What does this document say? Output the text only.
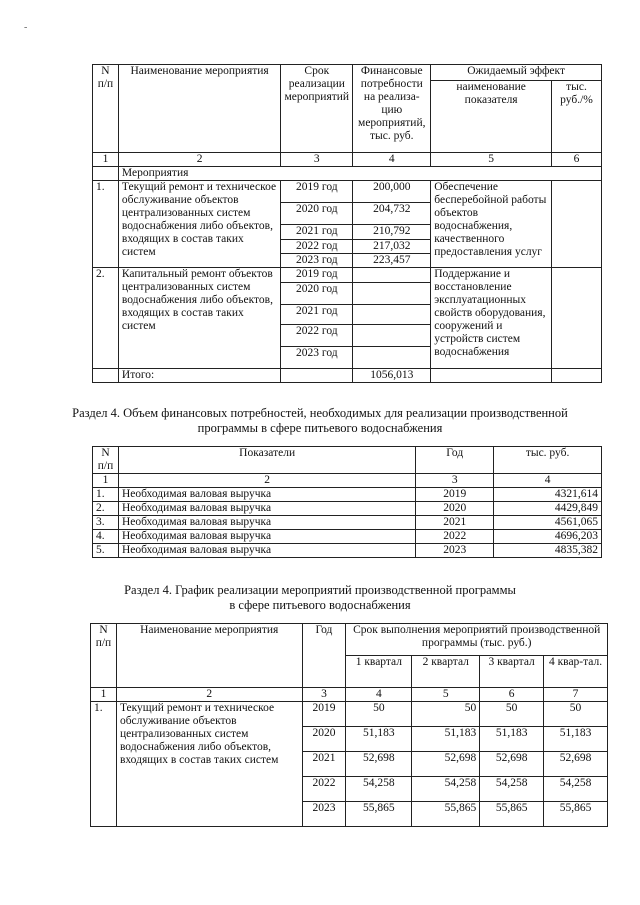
-
N п/п	Наименование мероприятия	Срок реализации мероприятий	Финансовые потребности на реализа-цию мероприятий, тыс. руб.	Ожидаемый эффект	
				наименование показателя	тыс. руб./%
1	2	3	4	5	6
	Мероприятия				
1.	Текущий ремонт и техническое обслуживание объектов централизованных систем водоснабжения либо объектов, входящих в состав таких систем	2019 год	200,000	Обеспечение бесперебойной работы объектов водоснабжения, качественного предоставления услуг	
		2020 год	204,732		
		2021 год	210,792		
		2022 год	217,032		
		2023 год	223,457		
2.	Капитальный ремонт объектов централизованных систем водоснабжения либо объектов, входящих в состав таких систем	2019 год		Поддержание и восстановление эксплуатационных свойств оборудования, сооружений и устройств систем водоснабжения	
		2020 год			
		2021 год			
		2022 год			
		2023 год			
	Итого:		1056,013		
Раздел 4. Объем финансовых потребностей, необходимых для реализации производственной
программы в сфере питьевого водоснабжения
N п/п	Показатели	Год	тыс. руб.
1	2	3	4
1.	Необходимая валовая выручка	2019	4321,614
2.	Необходимая валовая выручка	2020	4429,849
3.	Необходимая валовая выручка	2021	4561,065
4.	Необходимая валовая выручка	2022	4696,203
5.	Необходимая валовая выручка	2023	4835,382
Раздел 4. График реализации мероприятий производственной программы
в сфере питьевого водоснабжения
N п/п	Наименование мероприятия	Год	Срок выполнения мероприятий производственной программы (тыс. руб.)			
			1 квартал	2 квартал	3 квартал	4 квар-тал.
1	2	3	4	5	6	7
1.	Текущий ремонт и техническое обслуживание объектов централизованных систем водоснабжения либо объектов, входящих в состав таких систем	2019	50	50	50	50
		2020	51,183	51,183	51,183	51,183
		2021	52,698	52,698	52,698	52,698
		2022	54,258	54,258	54,258	54,258
		2023	55,865	55,865	55,865	55,865
